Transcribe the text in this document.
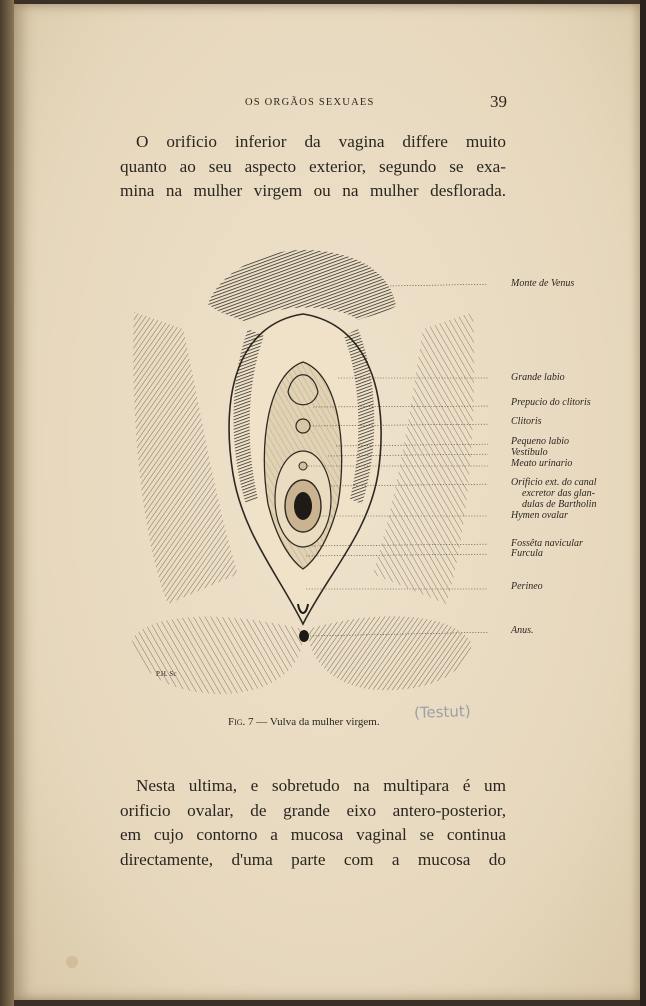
OS ORGÃOS SEXUAES	39
O orificio inferior da vagina differe muito
quanto ao seu aspecto exterior, segundo se exa-
mina na mulher virgem ou na mulher desflorada.
P.H. Sc
Monte de Venus
Grande labio
Prepucio do clitoris
Clitoris
Pequeno labio
Vestibulo
Meato urinario
Orificio ext. do canal
excretor das glan-
dulas de Bartholin
Hymen ovalar
Fossêta navicular
Furcula
Perineo
Anus.
Fig. 7 — Vulva da mulher virgem.
(Testut)
Nesta ultima, e sobretudo na multipara é um
orificio ovalar, de grande eixo antero-posterior,
em cujo contorno a mucosa vaginal se continua
directamente, d'uma parte com a mucosa do
